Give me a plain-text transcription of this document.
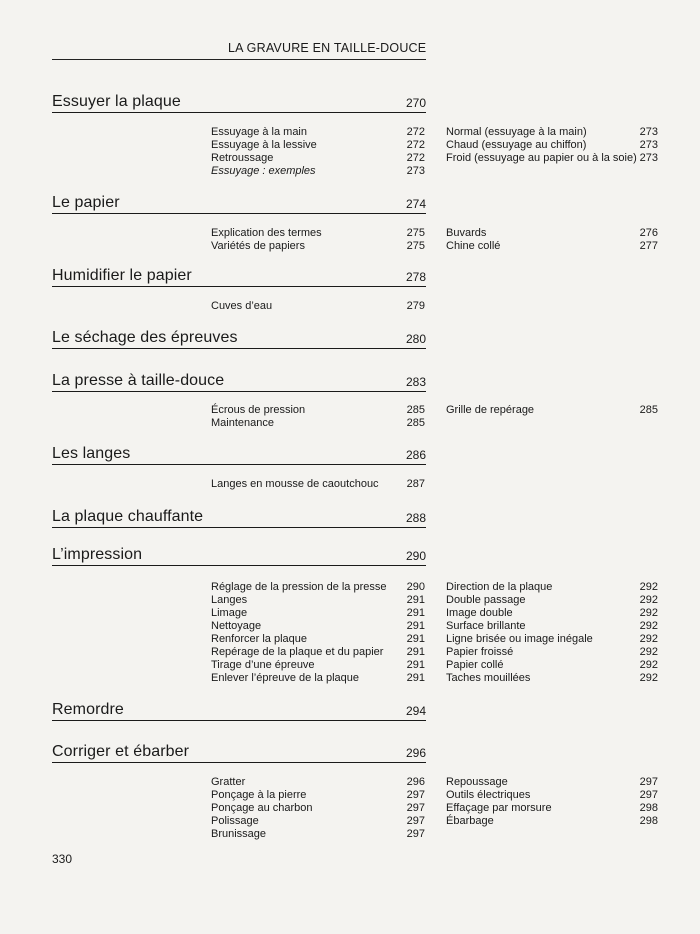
LA GRAVURE EN TAILLE-DOUCE
Essuyer la plaque	270
Essuyage à la main	272
Essuyage à la lessive	272
Retroussage	272
Essuyage : exemples	273
Normal (essuyage à la main)	273
Chaud (essuyage au chiffon)	273
Froid (essuyage au papier ou à la soie) 273
Le papier	274
Explication des termes	275
Variétés de papiers	275
Buvards	276
Chine collé	277
Humidifier le papier	278
Cuves d’eau	279
Le séchage des épreuves	280
La presse à taille-douce	283
Écrous de pression	285
Maintenance	285
Grille de repérage	285
Les langes	286
Langes en mousse de caoutchouc	287
La plaque chauffante	288
L’impression	290
Réglage de la pression de la presse 290
Langes	291
Limage	291
Nettoyage	291
Renforcer la plaque	291
Repérage de la plaque et du papier 291
Tirage d’une épreuve	291
Enlever l’épreuve de la plaque	291
Direction de la plaque	292
Double passage	292
Image double	292
Surface brillante	292
Ligne brisée ou image inégale	292
Papier froissé	292
Papier collé	292
Taches mouillées	292
Remordre	294
Corriger et ébarber	296
Gratter	296
Ponçage à la pierre	297
Ponçage au charbon	297
Polissage	297
Brunissage	297
Repoussage	297
Outils électriques	297
Effaçage par morsure	298
Ébarbage	298
330
